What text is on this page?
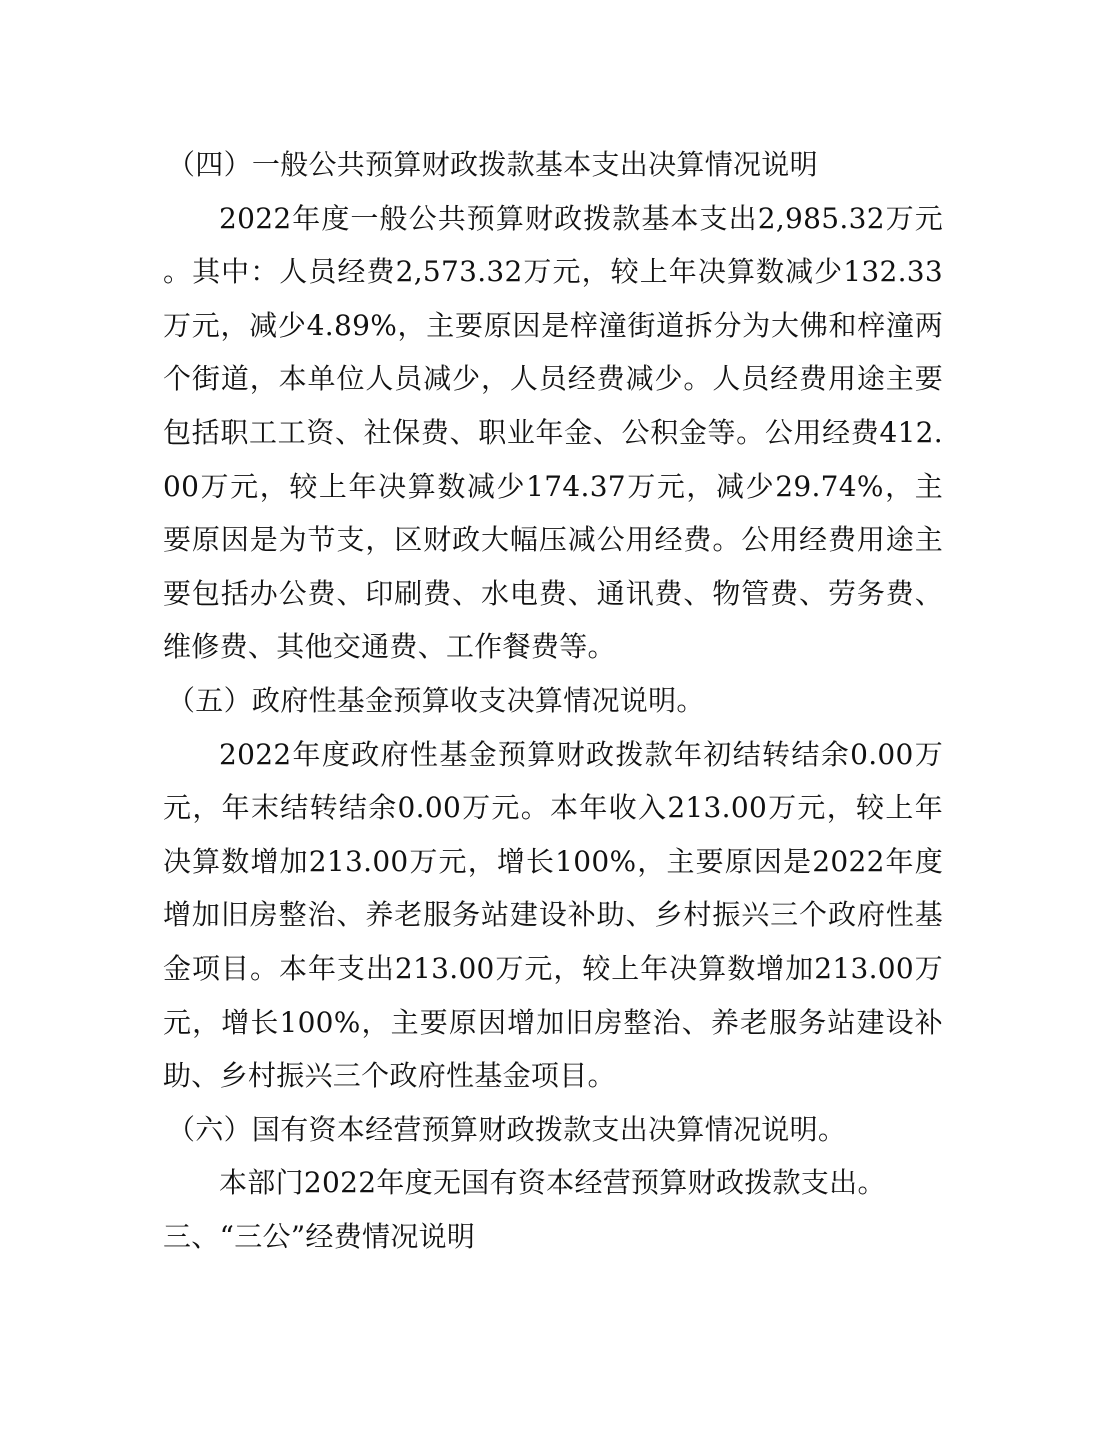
（四）一般公共预算财政拨款基本支出决算情况说明

2022年度一般公共预算财政拨款基本支出2,985.32万元。其中：人员经费2,573.32万元，较上年决算数减少132.33万元，减少4.89%，主要原因是梓潼街道拆分为大佛和梓潼两个街道，本单位人员减少，人员经费减少。人员经费用途主要包括职工工资、社保费、职业年金、公积金等。公用经费412.00万元，较上年决算数减少174.37万元，减少29.74%，主要原因是为节支，区财政大幅压减公用经费。公用经费用途主要包括办公费、印刷费、水电费、通讯费、物管费、劳务费、维修费、其他交通费、工作餐费等。

（五）政府性基金预算收支决算情况说明。

2022年度政府性基金预算财政拨款年初结转结余0.00万元，年末结转结余0.00万元。本年收入213.00万元，较上年决算数增加213.00万元，增长100%，主要原因是2022年度增加旧房整治、养老服务站建设补助、乡村振兴三个政府性基金项目。本年支出213.00万元，较上年决算数增加213.00万元，增长100%，主要原因增加旧房整治、养老服务站建设补助、乡村振兴三个政府性基金项目。

（六）国有资本经营预算财政拨款支出决算情况说明。

本部门2022年度无国有资本经营预算财政拨款支出。

三、“三公”经费情况说明
